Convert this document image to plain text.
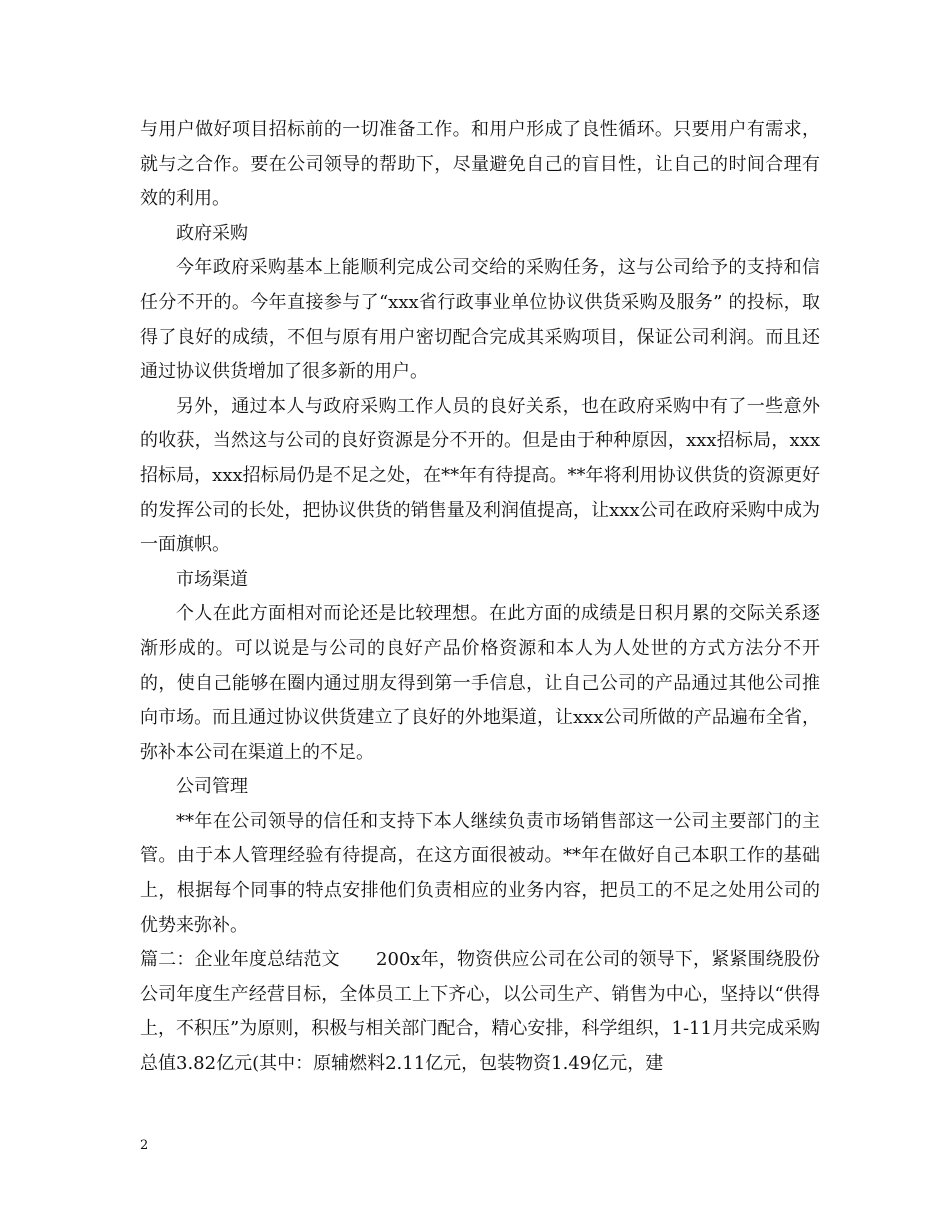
与用户做好项目招标前的一切准备工作。和用户形成了良性循环。只要用户有需求，就与之合作。要在公司领导的帮助下，尽量避免自己的盲目性，让自己的时间合理有效的利用。

政府采购

今年政府采购基本上能顺利完成公司交给的采购任务，这与公司给予的支持和信任分不开的。今年直接参与了“xxx省行政事业单位协议供货采购及服务” 的投标，取得了良好的成绩，不但与原有用户密切配合完成其采购项目，保证公司利润。而且还通过协议供货增加了很多新的用户。

另外，通过本人与政府采购工作人员的良好关系，也在政府采购中有了一些意外的收获，当然这与公司的良好资源是分不开的。但是由于种种原因，xxx招标局，xxx招标局，xxx招标局仍是不足之处，在**年有待提高。**年将利用协议供货的资源更好的发挥公司的长处，把协议供货的销售量及利润值提高，让xxx公司在政府采购中成为一面旗帜。

市场渠道

个人在此方面相对而论还是比较理想。在此方面的成绩是日积月累的交际关系逐渐形成的。可以说是与公司的良好产品价格资源和本人为人处世的方式方法分不开的，使自己能够在圈内通过朋友得到第一手信息，让自己公司的产品通过其他公司推向市场。而且通过协议供货建立了良好的外地渠道，让xxx公司所做的产品遍布全省，弥补本公司在渠道上的不足。

公司管理

**年在公司领导的信任和支持下本人继续负责市场销售部这一公司主要部门的主管。由于本人管理经验有待提高，在这方面很被动。**年在做好自己本职工作的基础上，根据每个同事的特点安排他们负责相应的业务内容，把员工的不足之处用公司的优势来弥补。

篇二：企业年度总结范文　　200x年，物资供应公司在公司的领导下，紧紧围绕股份公司年度生产经营目标，全体员工上下齐心，以公司生产、销售为中心，坚持以“供得上，不积压”为原则，积极与相关部门配合，精心安排，科学组织，1-11月共完成采购总值3.82亿元(其中：原辅燃料2.11亿元，包装物资1.49亿元，建

2
